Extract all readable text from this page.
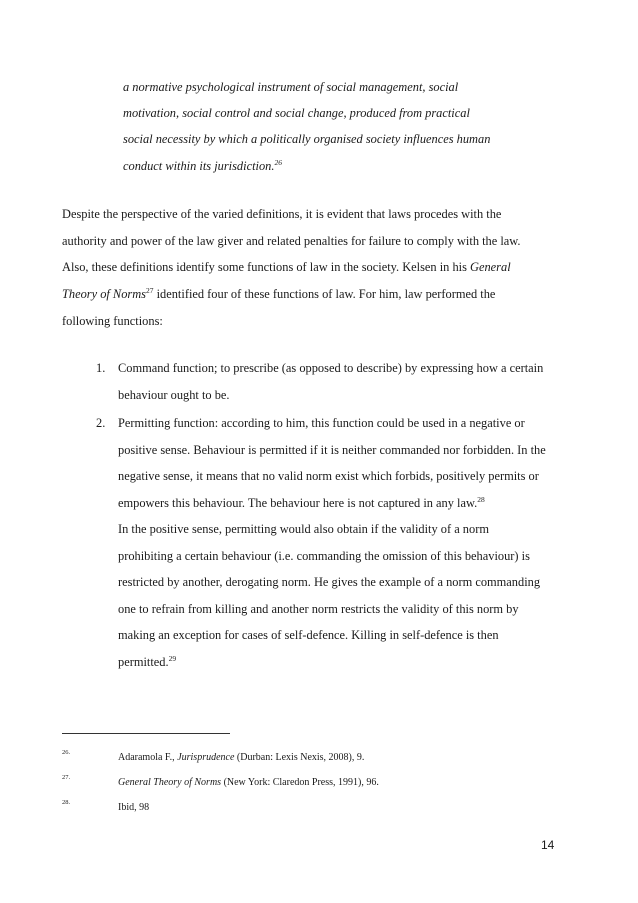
a normative psychological instrument of social management, social
motivation, social control and social change, produced from practical
social necessity by which a politically organised society influences human
conduct within its jurisdiction.$^{26}$
Despite the perspective of the varied definitions, it is evident that laws procedes with the
authority and power of the law giver and related penalties for failure to comply with the law.
Also, these definitions identify some functions of law in the society. Kelsen in his General
Theory of Norms$^{27}$ identified four of these functions of law. For him, law performed the
following functions:
1.	Command function; to prescribe (as opposed to describe) by expressing how a certain
behaviour ought to be.
2.	Permitting function: according to him, this function could be used in a negative or
positive sense. Behaviour is permitted if it is neither commanded nor forbidden. In the
negative sense, it means that no valid norm exist which forbids, positively permits or
empowers this behaviour. The behaviour here is not captured in any law.$^{28}$
In the positive sense, permitting would also obtain if the validity of a norm
prohibiting a certain behaviour (i.e. commanding the omission of this behaviour) is
restricted by another, derogating norm. He gives the example of a norm commanding
one to refrain from killing and another norm restricts the validity of this norm by
making an exception for cases of self-defence. Killing in self-defence is then
permitted.$^{29}$
26.	Adaramola F., Jurisprudence (Durban: Lexis Nexis, 2008), 9.
27.	General Theory of Norms (New York: Claredon Press, 1991), 96.
28.	Ibid, 98
14
